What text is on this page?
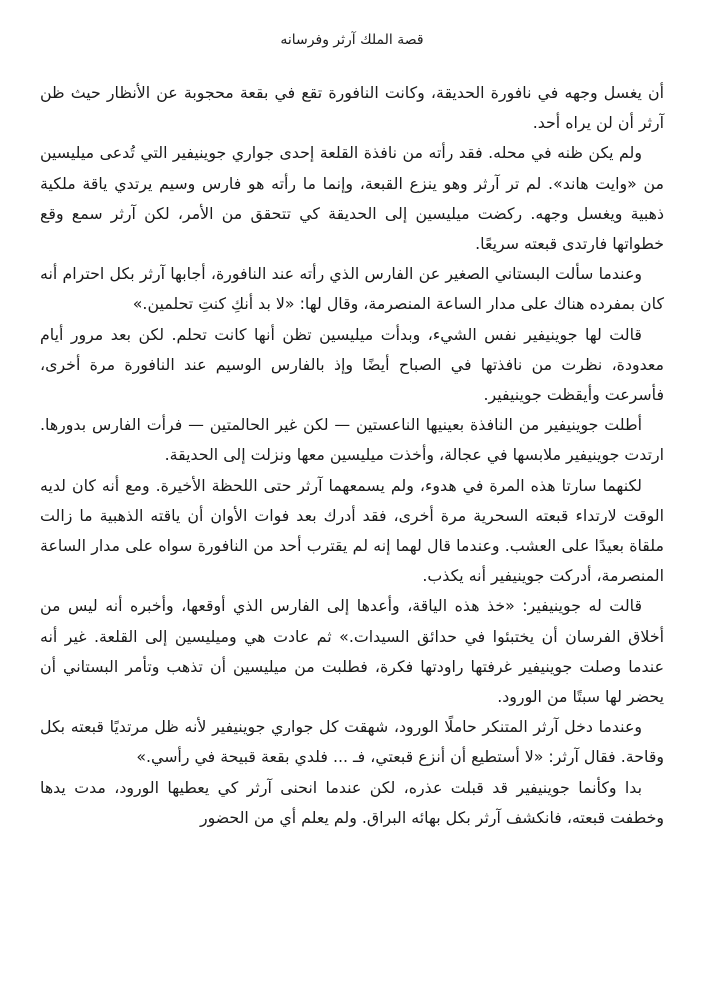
قصة الملك آرثر وفرسانه

أن يغسل وجهه في نافورة الحديقة، وكانت النافورة تقع في بقعة محجوبة عن الأنظار حيث ظن آرثر أن لن يراه أحد.

ولم يكن ظنه في محله. فقد رأته من نافذة القلعة إحدى جواري جوينيفير التي تُدعى ميليسين من «وايت هاند». لم تر آرثر وهو ينزع القبعة، وإنما ما رأته هو فارس وسيم يرتدي ياقة ملكية ذهبية ويغسل وجهه. ركضت ميليسين إلى الحديقة كي تتحقق من الأمر، لكن آرثر سمع وقع خطواتها فارتدى قبعته سريعًا.

وعندما سألت البستاني الصغير عن الفارس الذي رأته عند النافورة، أجابها آرثر بكل احترام أنه كان بمفرده هناك على مدار الساعة المنصرمة، وقال لها: «لا بد أنكِ كنتِ تحلمين.»

قالت لها جوينيفير نفس الشيء، وبدأت ميليسين تظن أنها كانت تحلم. لكن بعد مرور أيام معدودة، نظرت من نافذتها في الصباح أيضًا وإذ بالفارس الوسيم عند النافورة مرة أخرى، فأسرعت وأيقظت جوينيفير.

أطلت جوينيفير من النافذة بعينيها الناعستين — لكن غير الحالمتين — فرأت الفارس بدورها. ارتدت جوينيفير ملابسها في عجالة، وأخذت ميليسين معها ونزلت إلى الحديقة.

لكنهما سارتا هذه المرة في هدوء، ولم يسمعهما آرثر حتى اللحظة الأخيرة. ومع أنه كان لديه الوقت لارتداء قبعته السحرية مرة أخرى، فقد أدرك بعد فوات الأوان أن ياقته الذهبية ما زالت ملقاة بعيدًا على العشب. وعندما قال لهما إنه لم يقترب أحد من النافورة سواه على مدار الساعة المنصرمة، أدركت جوينيفير أنه يكذب.

قالت له جوينيفير: «خذ هذه الياقة، وأعدها إلى الفارس الذي أوقعها، وأخبره أنه ليس من أخلاق الفرسان أن يختبئوا في حدائق السيدات.» ثم عادت هي وميليسين إلى القلعة. غير أنه عندما وصلت جوينيفير غرفتها راودتها فكرة، فطلبت من ميليسين أن تذهب وتأمر البستاني أن يحضر لها سبتًا من الورود.

وعندما دخل آرثر المتنكر حاملًا الورود، شهقت كل جواري جوينيفير لأنه ظل مرتديًا قبعته بكل وقاحة. فقال آرثر: «لا أستطيع أن أنزع قبعتي، فـ ... فلدي بقعة قبيحة في رأسي.»

بدا وكأنما جوينيفير قد قبلت عذره، لكن عندما انحنى آرثر كي يعطيها الورود، مدت يدها وخطفت قبعته، فانكشف آرثر بكل بهائه البراق. ولم يعلم أي من الحضور
